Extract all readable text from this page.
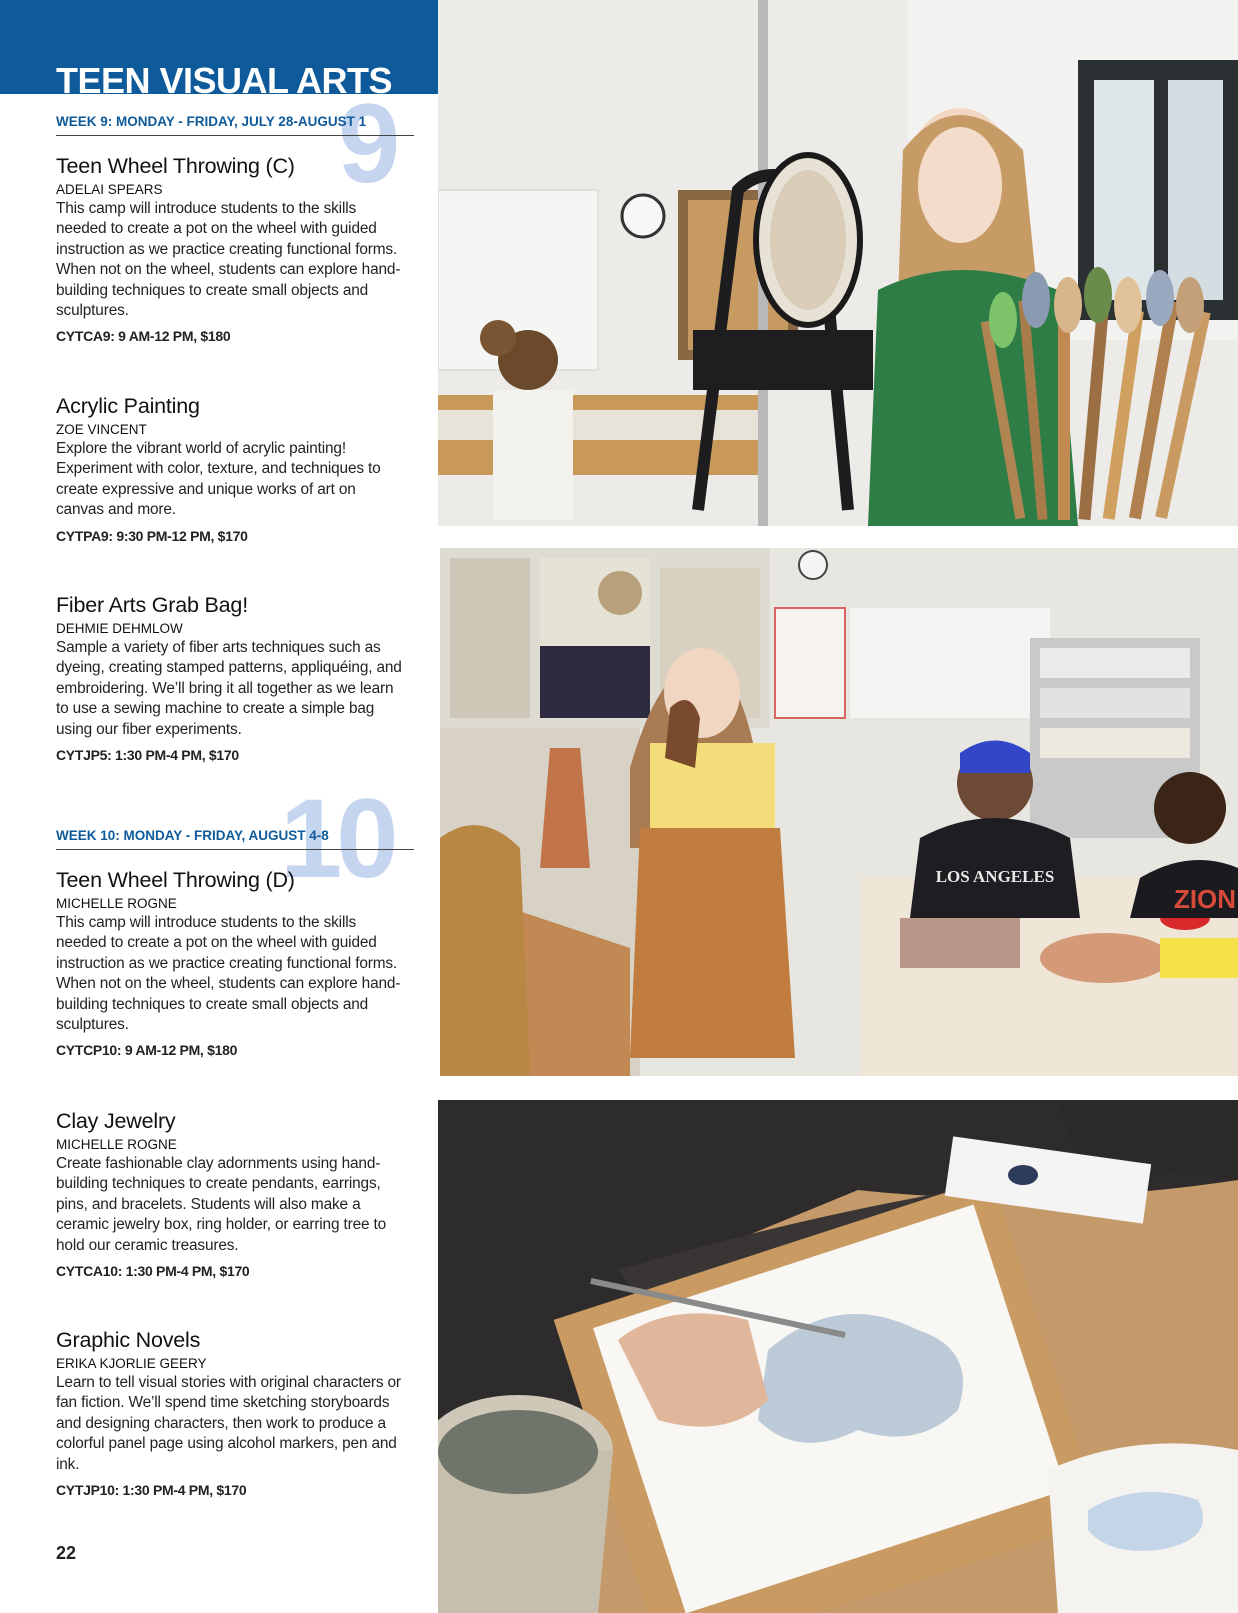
TEEN VISUAL ARTS
9
WEEK 9: MONDAY - FRIDAY, JULY 28-AUGUST 1
Teen Wheel Throwing (C)
ADELAI SPEARS

This camp will introduce students to the skills needed to create a pot on the wheel with guided instruction as we practice creating functional forms. When not on the wheel, students can explore hand-building techniques to create small objects and sculptures.

CYTCA9: 9 AM-12 PM, $180
Acrylic Painting
ZOE VINCENT

Explore the vibrant world of acrylic painting! Experiment with color, texture, and techniques to create expressive and unique works of art on canvas and more.

CYTPA9: 9:30 PM-12 PM, $170
Fiber Arts Grab Bag!
DEHMIE DEHMLOW

Sample a variety of fiber arts techniques such as dyeing, creating stamped patterns, appliquéing, and embroidering. We’ll bring it all together as we learn to use a sewing machine to create a simple bag using our fiber experiments.

CYTJP5: 1:30 PM-4 PM, $170
10
WEEK 10: MONDAY - FRIDAY, AUGUST 4-8
Teen Wheel Throwing (D)
MICHELLE ROGNE

This camp will introduce students to the skills needed to create a pot on the wheel with guided instruction as we practice creating functional forms. When not on the wheel, students can explore hand-building techniques to create small objects and sculptures.

CYTCP10: 9 AM-12 PM, $180
Clay Jewelry
MICHELLE ROGNE

Create fashionable clay adornments using hand-building techniques to create pendants, earrings, pins, and bracelets. Students will also make a ceramic jewelry box, ring holder, or earring tree to hold our ceramic treasures.

CYTCA10: 1:30 PM-4 PM, $170
Graphic Novels
ERIKA KJORLIE GEERY

Learn to tell visual stories with original characters or fan fiction. We’ll spend time sketching storyboards and designing characters, then work to produce a colorful panel page using alcohol markers, pen and ink.

CYTJP10: 1:30 PM-4 PM, $170
22
LOS ANGELES
ZION
